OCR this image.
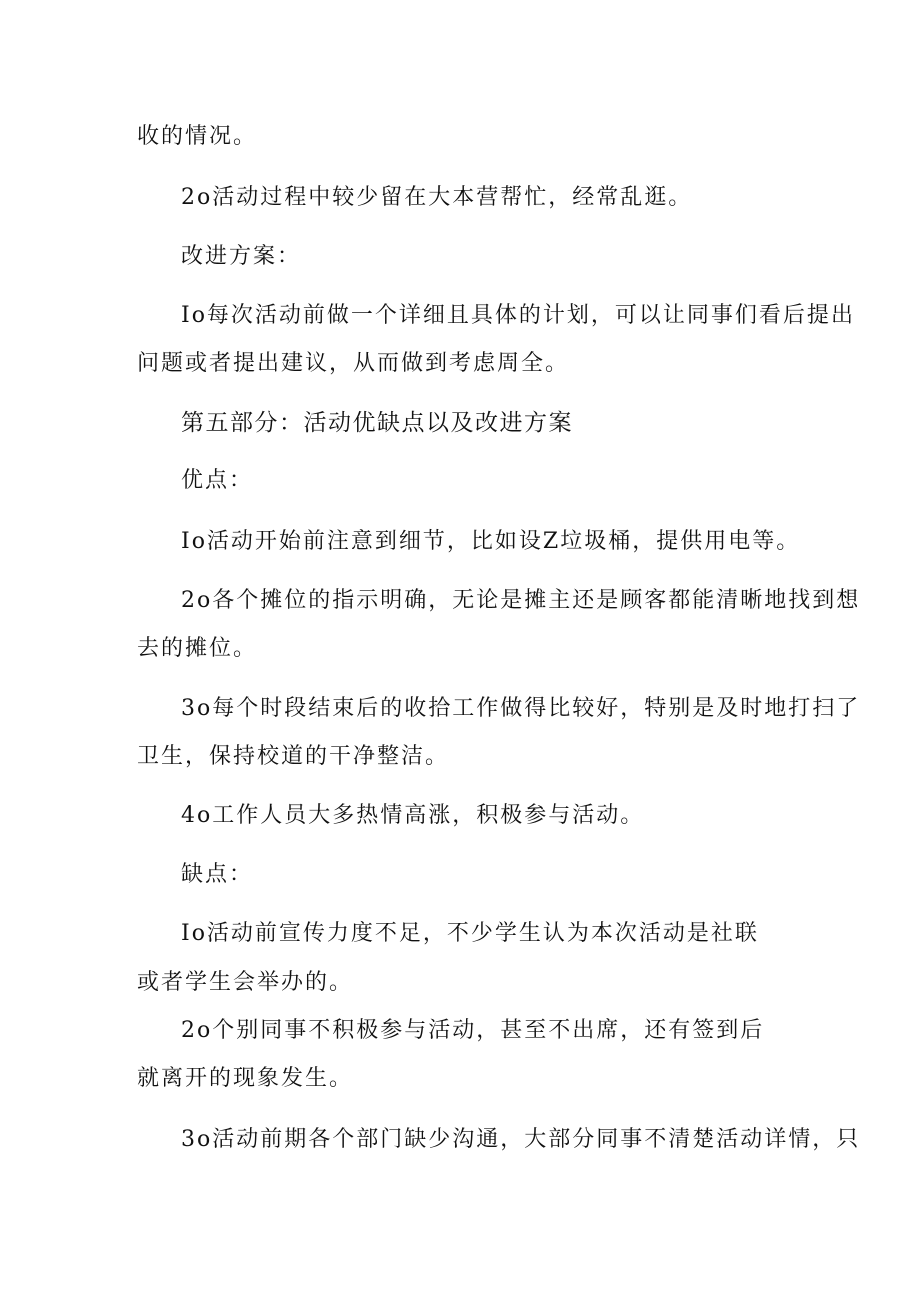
收的情况。
2o活动过程中较少留在大本营帮忙，经常乱逛。
改进方案：
Io每次活动前做一个详细且具体的计划，可以让同事们看后提出
问题或者提出建议，从而做到考虑周全。
第五部分：活动优缺点以及改进方案
优点：
Io活动开始前注意到细节，比如设Z垃圾桶，提供用电等。
2o各个摊位的指示明确，无论是摊主还是顾客都能清晰地找到想
去的摊位。
3o每个时段结束后的收拾工作做得比较好，特别是及时地打扫了
卫生，保持校道的干净整洁。
4o工作人员大多热情高涨，积极参与活动。
缺点：
Io活动前宣传力度不足，不少学生认为本次活动是社联
或者学生会举办的。
2o个别同事不积极参与活动，甚至不出席，还有签到后
就离开的现象发生。
3o活动前期各个部门缺少沟通，大部分同事不清楚活动详情，只
